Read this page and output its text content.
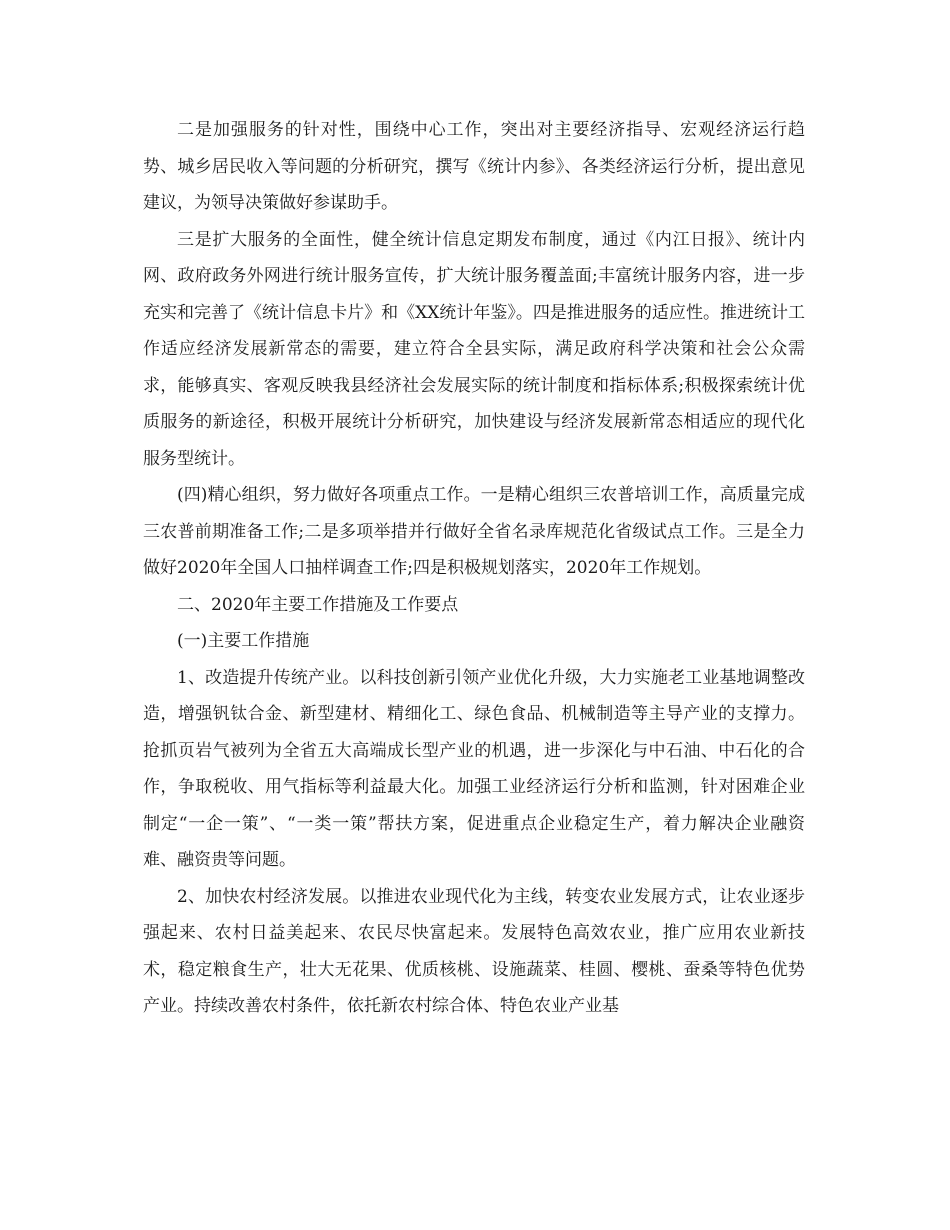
二是加强服务的针对性，围绕中心工作，突出对主要经济指导、宏观经济运行趋势、城乡居民收入等问题的分析研究，撰写《统计内参》、各类经济运行分析，提出意见建议，为领导决策做好参谋助手。

三是扩大服务的全面性，健全统计信息定期发布制度，通过《内江日报》、统计内网、政府政务外网进行统计服务宣传，扩大统计服务覆盖面;丰富统计服务内容，进一步充实和完善了《统计信息卡片》和《XX统计年鉴》。四是推进服务的适应性。推进统计工作适应经济发展新常态的需要，建立符合全县实际，满足政府科学决策和社会公众需求，能够真实、客观反映我县经济社会发展实际的统计制度和指标体系;积极探索统计优质服务的新途径，积极开展统计分析研究，加快建设与经济发展新常态相适应的现代化服务型统计。

(四)精心组织，努力做好各项重点工作。一是精心组织三农普培训工作，高质量完成三农普前期准备工作;二是多项举措并行做好全省名录库规范化省级试点工作。三是全力做好2020年全国人口抽样调查工作;四是积极规划落实，2020年工作规划。

二、2020年主要工作措施及工作要点

(一)主要工作措施

1、改造提升传统产业。以科技创新引领产业优化升级，大力实施老工业基地调整改造，增强钒钛合金、新型建材、精细化工、绿色食品、机械制造等主导产业的支撑力。抢抓页岩气被列为全省五大高端成长型产业的机遇，进一步深化与中石油、中石化的合作，争取税收、用气指标等利益最大化。加强工业经济运行分析和监测，针对困难企业制定“一企一策”、“一类一策”帮扶方案，促进重点企业稳定生产，着力解决企业融资难、融资贵等问题。

2、加快农村经济发展。以推进农业现代化为主线，转变农业发展方式，让农业逐步强起来、农村日益美起来、农民尽快富起来。发展特色高效农业，推广应用农业新技术，稳定粮食生产，壮大无花果、优质核桃、设施蔬菜、桂圆、樱桃、蚕桑等特色优势产业。持续改善农村条件，依托新农村综合体、特色农业产业基
